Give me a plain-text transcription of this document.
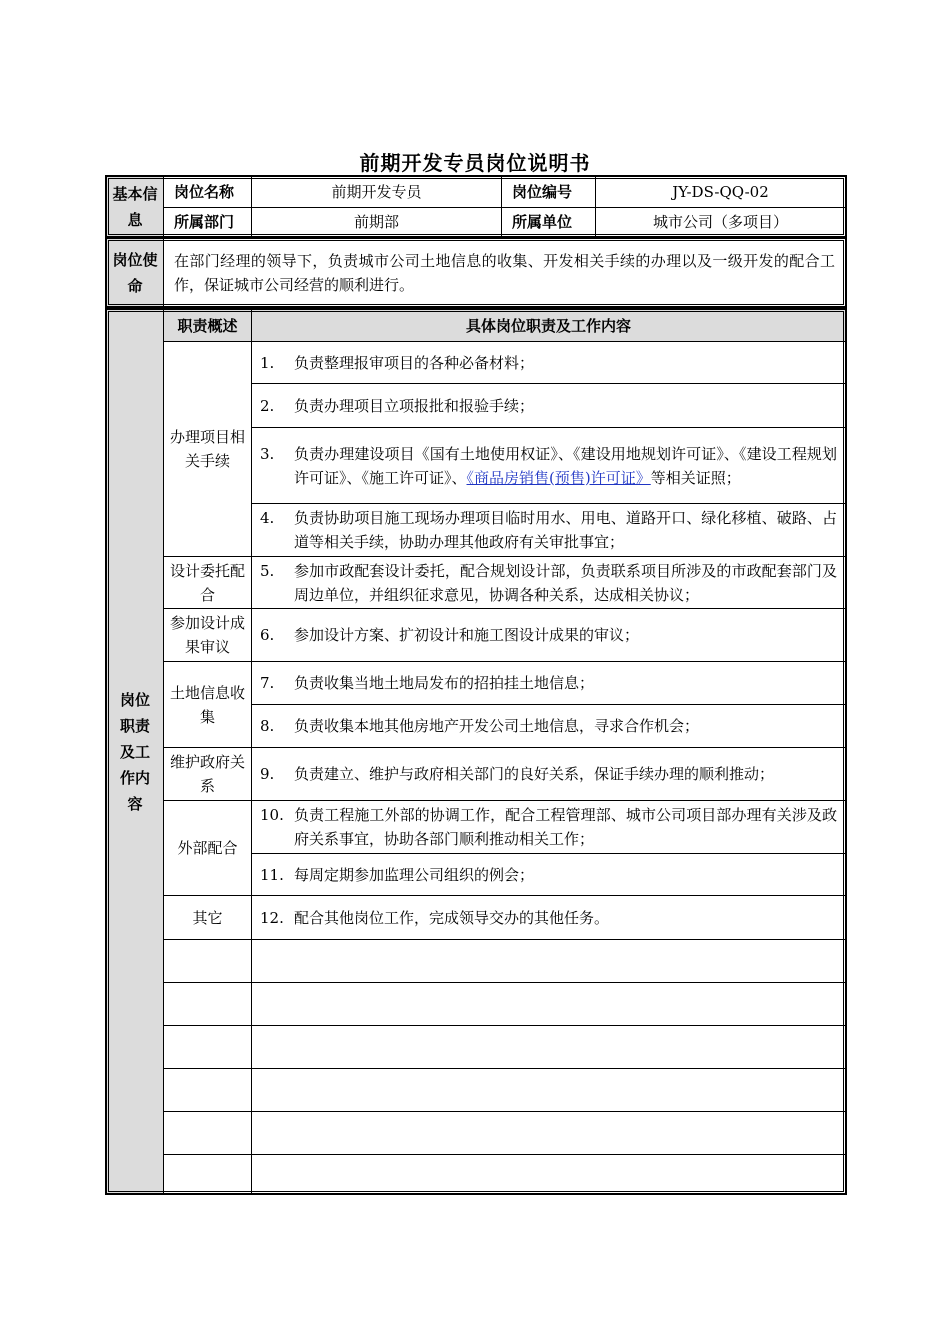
前期开发专员岗位说明书
基本信息	岗位名称	前期开发专员	岗位编号	JY-DS-QQ-02
	所属部门	前期部	所属单位	城市公司（多项目）
岗位使命	在部门经理的领导下，负责城市公司土地信息的收集、开发相关手续的办理以及一级开发的配合工作，保证城市公司经营的顺利进行。
岗位职责及工作内容	职责概述	具体岗位职责及工作内容
	办理项目相关手续	1. 负责整理报审项目的各种必备材料；

		2. 负责办理项目立项报批和报验手续；

		3. 负责办理建设项目《国有土地使用权证》、《建设用地规划许可证》、《建设工程规划许可证》、《施工许可证》、《商品房销售(预售)许可证》等相关证照；

		4. 负责协助项目施工现场办理项目临时用水、用电、道路开口、绿化移植、破路、占道等相关手续，协助办理其他政府有关审批事宜；

	设计委托配合	5. 参加市政配套设计委托，配合规划设计部，负责联系项目所涉及的市政配套部门及周边单位，并组织征求意见，协调各种关系，达成相关协议；

	参加设计成果审议	6. 参加设计方案、扩初设计和施工图设计成果的审议；

	土地信息收集	7. 负责收集当地土地局发布的招拍挂土地信息；

		8. 负责收集本地其他房地产开发公司土地信息，寻求合作机会；

	维护政府关系	9. 负责建立、维护与政府相关部门的良好关系，保证手续办理的顺利推动；

	外部配合	10. 负责工程施工外部的协调工作，配合工程管理部、城市公司项目部办理有关涉及政府关系事宜，协助各部门顺利推动相关工作；

		11. 每周定期参加监理公司组织的例会；

	其它	12. 配合其他岗位工作，完成领导交办的其他任务。
